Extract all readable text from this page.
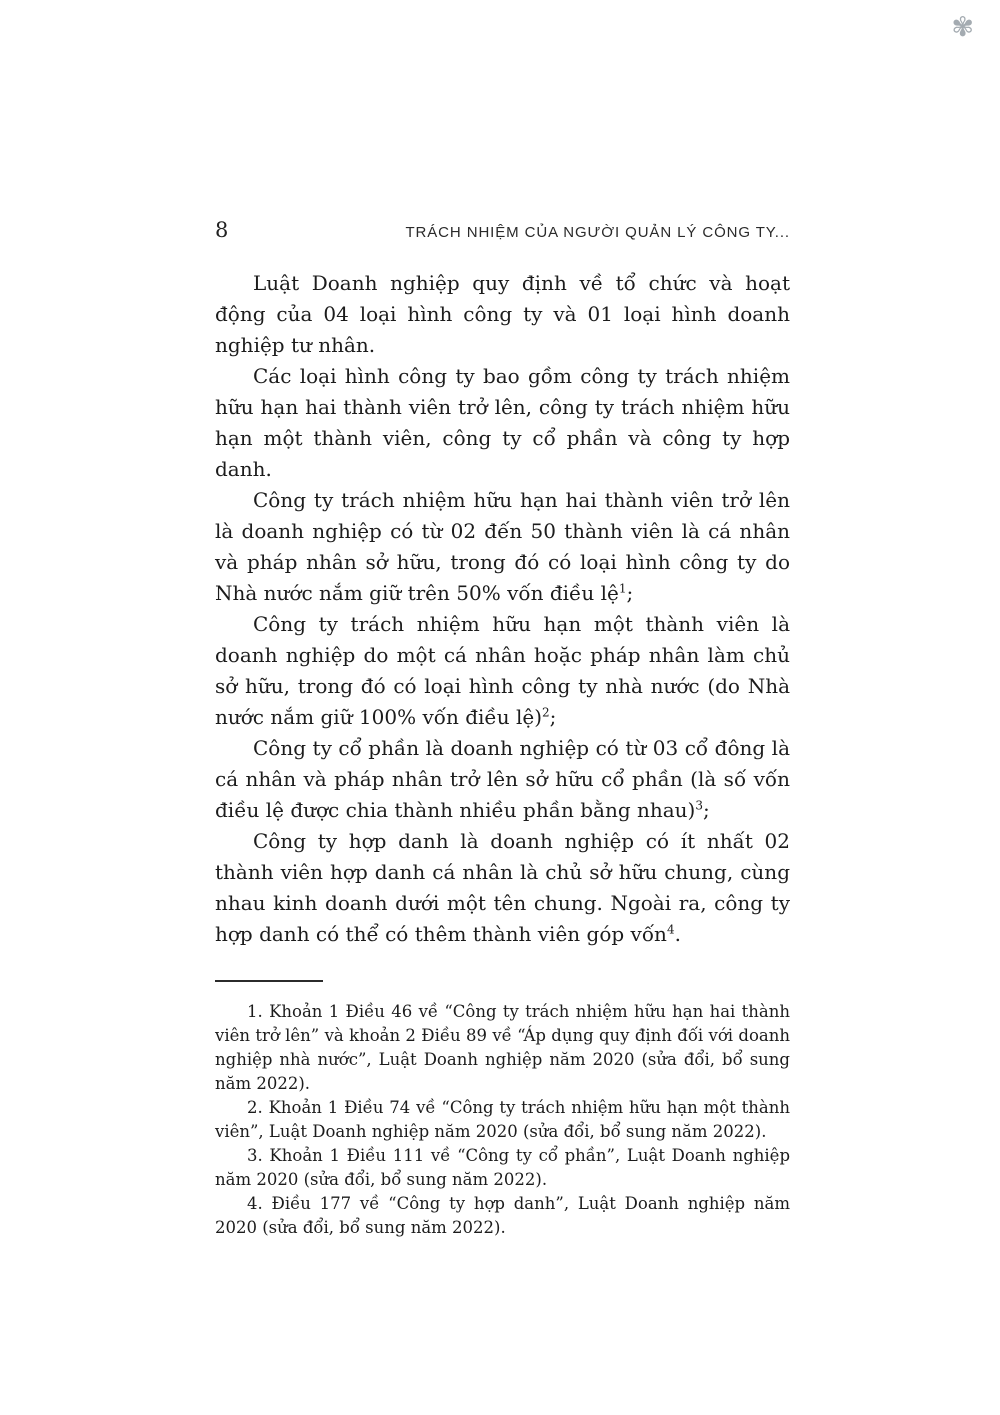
✾
8	TRÁCH NHIỆM CỦA NGƯỜI QUẢN LÝ CÔNG TY...

Luật Doanh nghiệp quy định về tổ chức và hoạt động của 04 loại hình công ty và 01 loại hình doanh nghiệp tư nhân.

Các loại hình công ty bao gồm công ty trách nhiệm hữu hạn hai thành viên trở lên, công ty trách nhiệm hữu hạn một thành viên, công ty cổ phần và công ty hợp danh.

Công ty trách nhiệm hữu hạn hai thành viên trở lên là doanh nghiệp có từ 02 đến 50 thành viên là cá nhân và pháp nhân sở hữu, trong đó có loại hình công ty do Nhà nước nắm giữ trên 50% vốn điều lệ$^1$;

Công ty trách nhiệm hữu hạn một thành viên là doanh nghiệp do một cá nhân hoặc pháp nhân làm chủ sở hữu, trong đó có loại hình công ty nhà nước (do Nhà nước nắm giữ 100% vốn điều lệ)$^2$;

Công ty cổ phần là doanh nghiệp có từ 03 cổ đông là cá nhân và pháp nhân trở lên sở hữu cổ phần (là số vốn điều lệ được chia thành nhiều phần bằng nhau)$^3$;

Công ty hợp danh là doanh nghiệp có ít nhất 02 thành viên hợp danh cá nhân là chủ sở hữu chung, cùng nhau kinh doanh dưới một tên chung. Ngoài ra, công ty hợp danh có thể có thêm thành viên góp vốn$^4$.

1. Khoản 1 Điều 46 về “Công ty trách nhiệm hữu hạn hai thành viên trở lên” và khoản 2 Điều 89 về “Áp dụng quy định đối với doanh nghiệp nhà nước”, Luật Doanh nghiệp năm 2020 (sửa đổi, bổ sung năm 2022).

2. Khoản 1 Điều 74 về “Công ty trách nhiệm hữu hạn một thành viên”, Luật Doanh nghiệp năm 2020 (sửa đổi, bổ sung năm 2022).

3. Khoản 1 Điều 111 về “Công ty cổ phần”, Luật Doanh nghiệp năm 2020 (sửa đổi, bổ sung năm 2022).

4. Điều 177 về “Công ty hợp danh”, Luật Doanh nghiệp năm 2020 (sửa đổi, bổ sung năm 2022).
